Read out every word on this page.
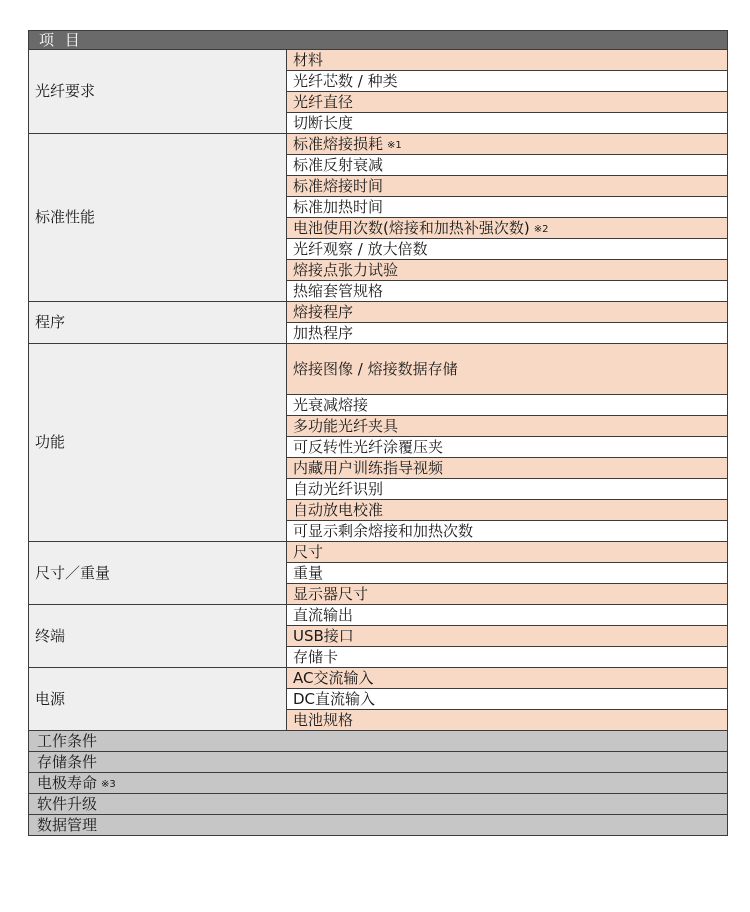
项 目	
光纤要求	材料
	光纤芯数 / 种类
	光纤直径
	切断长度
标准性能	标准熔接损耗 ※1
	标准反射衰减
	标准熔接时间
	标准加热时间
	电池使用次数(熔接和加热补强次数) ※2
	光纤观察 / 放大倍数
	熔接点张力试验
	热缩套管规格
程序	熔接程序
	加热程序
功能	熔接图像 / 熔接数据存储
	光衰减熔接
	多功能光纤夹具
	可反转性光纤涂覆压夹
	内藏用户训练指导视频
	自动光纤识别
	自动放电校准
	可显示剩余熔接和加热次数
尺寸／重量	尺寸
	重量
	显示器尺寸
终端	直流输出
	USB接口
	存储卡
电源	AC交流输入
	DC直流输入
	电池规格
工作条件	
存储条件	
电极寿命 ※3	
软件升级	
数据管理	
